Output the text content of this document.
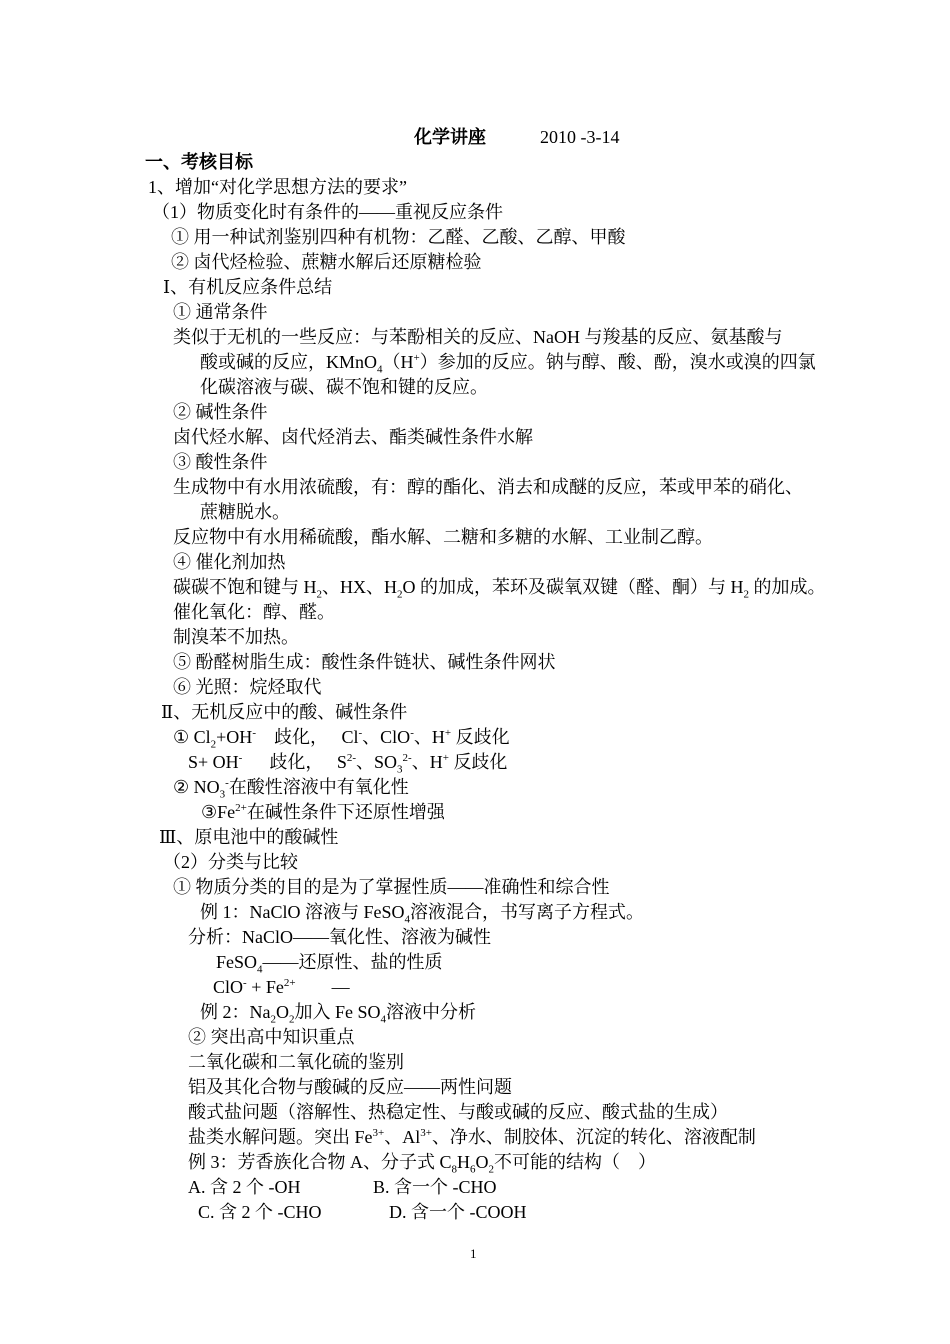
化学讲座	2010 -3-14
一、考核目标
1、增加“对化学思想方法的要求”
（1）物质变化时有条件的——重视反应条件
① 用一种试剂鉴别四种有机物：乙醛、乙酸、乙醇、甲酸
② 卤代烃检验、蔗糖水解后还原糖检验
Ⅰ、有机反应条件总结
① 通常条件
类似于无机的一些反应：与苯酚相关的反应、NaOH 与羧基的反应、氨基酸与
酸或碱的反应，KMnO$_4$（H+）参加的反应。钠与醇、酸、酚，溴水或溴的四氯
化碳溶液与碳、碳不饱和键的反应。
② 碱性条件
卤代烃水解、卤代烃消去、酯类碱性条件水解
③ 酸性条件
生成物中有水用浓硫酸，有：醇的酯化、消去和成醚的反应，苯或甲苯的硝化、
蔗糖脱水。
反应物中有水用稀硫酸，酯水解、二糖和多糖的水解、工业制乙醇。
④ 催化剂加热
碳碳不饱和键与 $H_2$、HX、$H_2O$ 的加成，苯环及碳氧双键（醛、酮）与 $H_2$ 的加成。
催化氧化：醇、醛。
制溴苯不加热。
⑤ 酚醛树脂生成：酸性条件链状、碱性条件网状
⑥ 光照：烷烃取代
Ⅱ、无机反应中的酸、碱性条件
① $Cl_2+OH^-$    歧化，   Cl-、ClO-、H+ 反歧化
S+ OH-      歧化，   $S^{2-}$、$SO_3^{2-}$、H+ 反歧化
② $NO_3^-$在酸性溶液中有氧化性
$③Fe^{2+}$在碱性条件下还原性增强
Ⅲ、原电池中的酸碱性
（2）分类与比较
① 物质分类的目的是为了掌握性质——准确性和综合性
例 1：NaClO 溶液与 FeSO$_4$溶液混合，书写离子方程式。
分析：NaClO——氧化性、溶液为碱性
FeSO$_4$——还原性、盐的性质
$ClO^- + Fe^{2+}$        —
例 2：$Na_2O_2$加入 Fe $SO_4$溶液中分析
② 突出高中知识重点
二氧化碳和二氧化硫的鉴别
铝及其化合物与酸碱的反应——两性问题
酸式盐问题（溶解性、热稳定性、与酸或碱的反应、酸式盐的生成）
盐类水解问题。突出 $Fe^{3+}$、$Al^{3+}$、净水、制胶体、沉淀的转化、溶液配制
例 3：芳香族化合物 A、分子式 $C_8H_6O_2$不可能的结构（    ）
A. 含 2 个 -OH	B. 含一个 -CHO
C. 含 2 个 -CHO	D. 含一个 -COOH
1
